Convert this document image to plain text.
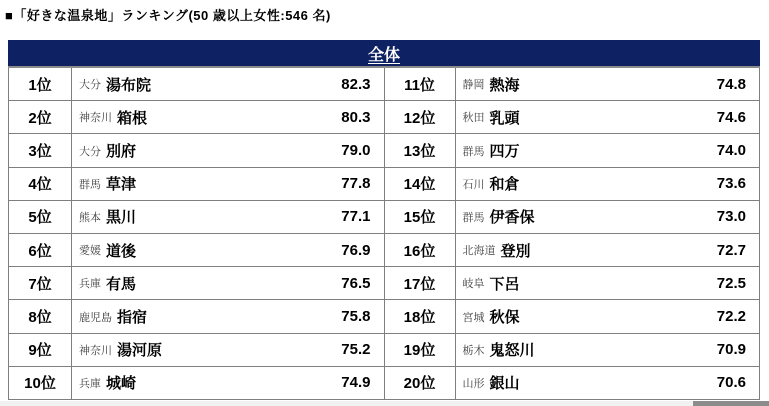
■「好きな温泉地」ランキング(50 歳以上女性:546 名)
全体
1位	大分 湯布院	82.3
2位	神奈川 箱根	80.3
3位	大分 別府	79.0
4位	群馬 草津	77.8
5位	熊本 黒川	77.1
6位	愛媛 道後	76.9
7位	兵庫 有馬	76.5
8位	鹿児島 指宿	75.8
9位	神奈川 湯河原	75.2
10位	兵庫 城崎	74.9
11位	静岡 熱海	74.8
12位	秋田 乳頭	74.6
13位	群馬 四万	74.0
14位	石川 和倉	73.6
15位	群馬 伊香保	73.0
16位	北海道 登別	72.7
17位	岐阜 下呂	72.5
18位	宮城 秋保	72.2
19位	栃木 鬼怒川	70.9
20位	山形 銀山	70.6
